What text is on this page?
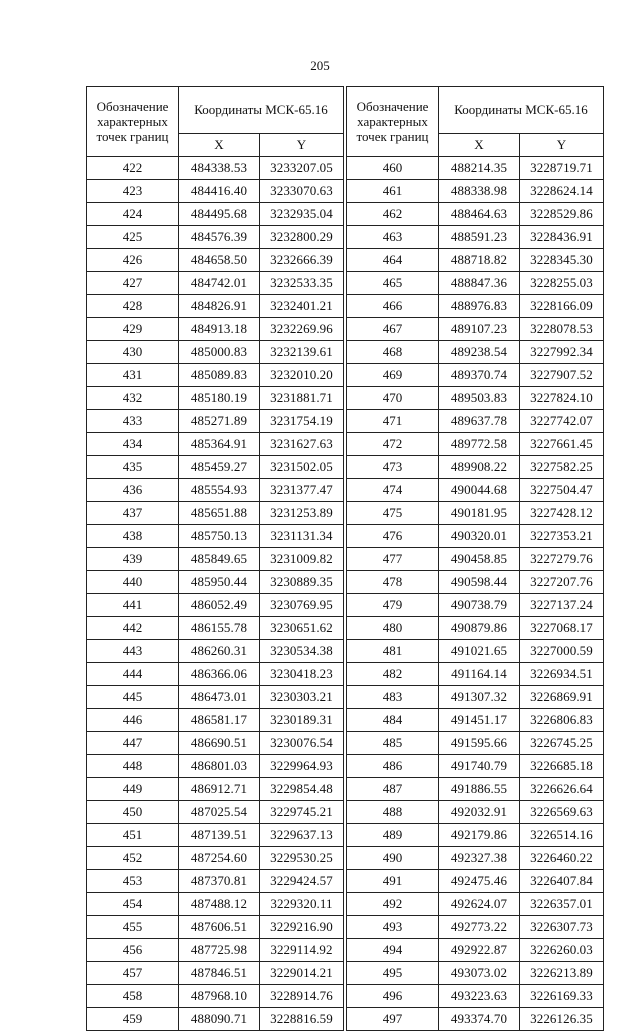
205
Обозначение
характерных
точек границ	Координаты МСК-65.16	
	X	Y
422	484338.53	3233207.05
423	484416.40	3233070.63
424	484495.68	3232935.04
425	484576.39	3232800.29
426	484658.50	3232666.39
427	484742.01	3232533.35
428	484826.91	3232401.21
429	484913.18	3232269.96
430	485000.83	3232139.61
431	485089.83	3232010.20
432	485180.19	3231881.71
433	485271.89	3231754.19
434	485364.91	3231627.63
435	485459.27	3231502.05
436	485554.93	3231377.47
437	485651.88	3231253.89
438	485750.13	3231131.34
439	485849.65	3231009.82
440	485950.44	3230889.35
441	486052.49	3230769.95
442	486155.78	3230651.62
443	486260.31	3230534.38
444	486366.06	3230418.23
445	486473.01	3230303.21
446	486581.17	3230189.31
447	486690.51	3230076.54
448	486801.03	3229964.93
449	486912.71	3229854.48
450	487025.54	3229745.21
451	487139.51	3229637.13
452	487254.60	3229530.25
453	487370.81	3229424.57
454	487488.12	3229320.11
455	487606.51	3229216.90
456	487725.98	3229114.92
457	487846.51	3229014.21
458	487968.10	3228914.76
459	488090.71	3228816.59
Обозначение
характерных
точек границ	Координаты МСК-65.16	
	X	Y
460	488214.35	3228719.71
461	488338.98	3228624.14
462	488464.63	3228529.86
463	488591.23	3228436.91
464	488718.82	3228345.30
465	488847.36	3228255.03
466	488976.83	3228166.09
467	489107.23	3228078.53
468	489238.54	3227992.34
469	489370.74	3227907.52
470	489503.83	3227824.10
471	489637.78	3227742.07
472	489772.58	3227661.45
473	489908.22	3227582.25
474	490044.68	3227504.47
475	490181.95	3227428.12
476	490320.01	3227353.21
477	490458.85	3227279.76
478	490598.44	3227207.76
479	490738.79	3227137.24
480	490879.86	3227068.17
481	491021.65	3227000.59
482	491164.14	3226934.51
483	491307.32	3226869.91
484	491451.17	3226806.83
485	491595.66	3226745.25
486	491740.79	3226685.18
487	491886.55	3226626.64
488	492032.91	3226569.63
489	492179.86	3226514.16
490	492327.38	3226460.22
491	492475.46	3226407.84
492	492624.07	3226357.01
493	492773.22	3226307.73
494	492922.87	3226260.03
495	493073.02	3226213.89
496	493223.63	3226169.33
497	493374.70	3226126.35
